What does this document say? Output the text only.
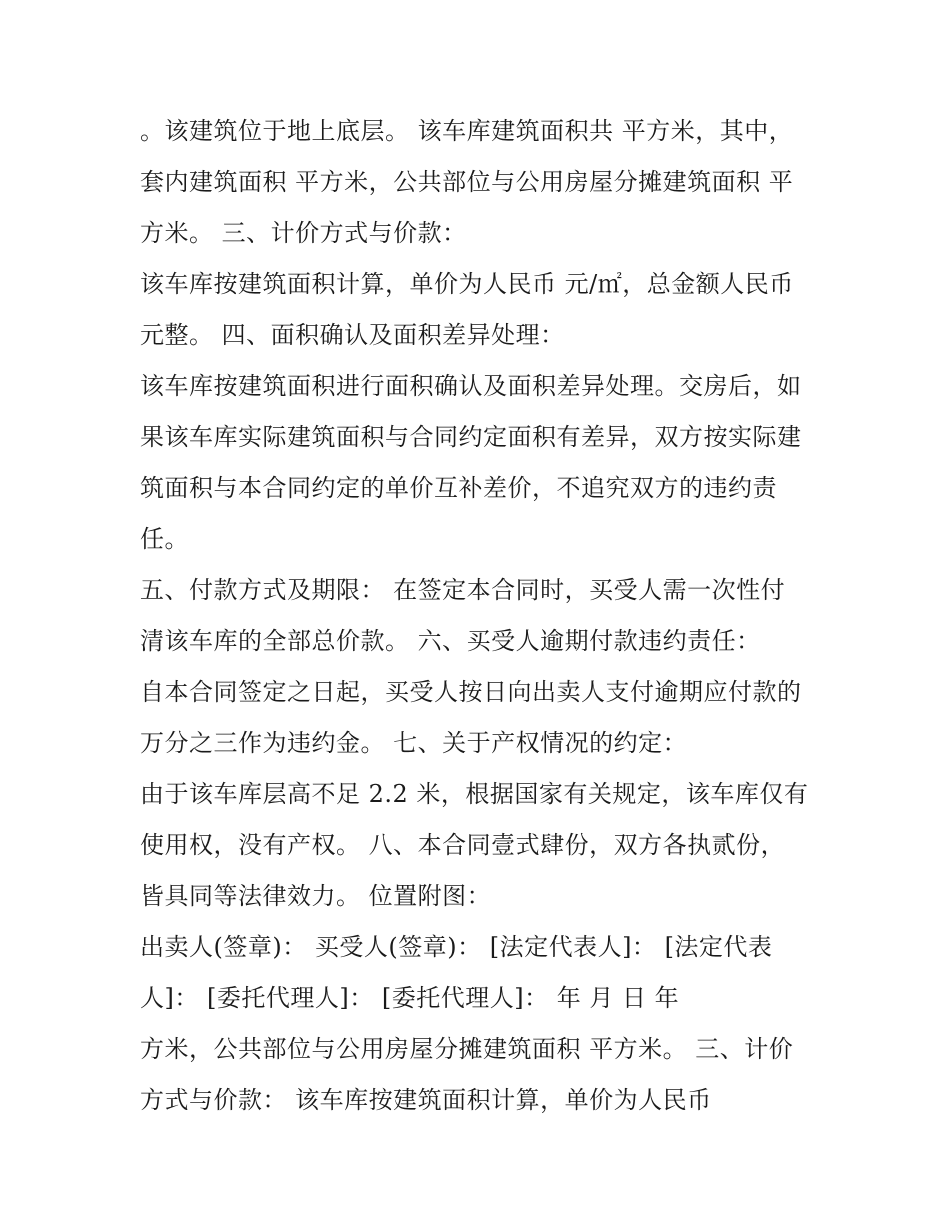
。该建筑位于地上底层。 该车库建筑面积共 平方米，其中，
套内建筑面积 平方米，公共部位与公用房屋分摊建筑面积 平
方米。 三、计价方式与价款：
该车库按建筑面积计算，单价为人民币 元/㎡，总金额人民币
元整。 四、面积确认及面积差异处理：
该车库按建筑面积进行面积确认及面积差异处理。交房后，如
果该车库实际建筑面积与合同约定面积有差异，双方按实际建
筑面积与本合同约定的单价互补差价，不追究双方的违约责
任。
五、付款方式及期限： 在签定本合同时，买受人需一次性付
清该车库的全部总价款。 六、买受人逾期付款违约责任：
自本合同签定之日起，买受人按日向出卖人支付逾期应付款的
万分之三作为违约金。 七、关于产权情况的约定：
由于该车库层高不足 2.2 米，根据国家有关规定，该车库仅有
使用权，没有产权。 八、本合同壹式肆份，双方各执贰份，
皆具同等法律效力。 位置附图：
出卖人(签章)： 买受人(签章)： [法定代表人]： [法定代表
人]： [委托代理人]： [委托代理人]： 年 月 日 年
方米，公共部位与公用房屋分摊建筑面积 平方米。 三、计价
方式与价款： 该车库按建筑面积计算，单价为人民币
